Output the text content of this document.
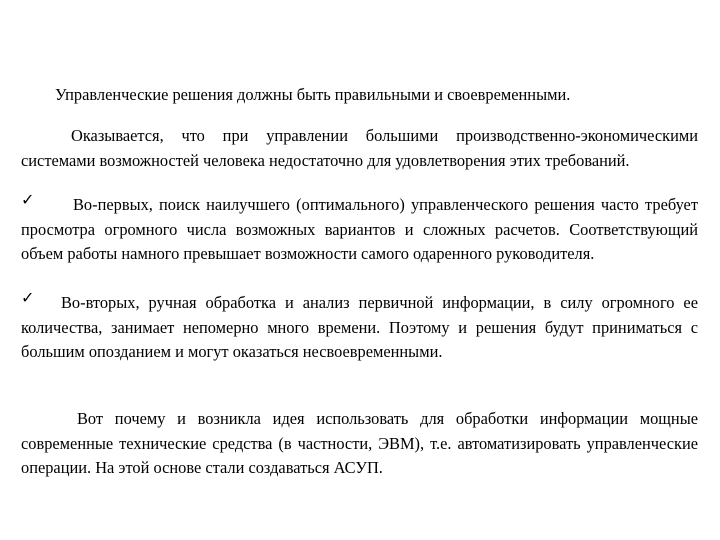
Управленческие решения должны быть правильными и своевременными.

Оказывается, что при управлении большими производственно-экономическими системами возможностей человека недостаточно для удовлетворения этих требований.

✓	Во-первых, поиск наилучшего (оптимального) управленческого решения часто требует просмотра огромного числа возможных вариантов и сложных расчетов. Соответствующий объем работы намного превышает возможности самого одаренного руководителя.

✓	Во-вторых, ручная обработка и анализ первичной информации, в силу огромного ее количества, занимает непомерно много времени. Поэтому и решения будут приниматься с большим опозданием и могут оказаться несвоевременными.

Вот почему и возникла идея использовать для обработки информации мощные современные технические средства (в частности, ЭВМ), т.е. автоматизировать управленческие операции. На этой основе стали создаваться АСУП.
